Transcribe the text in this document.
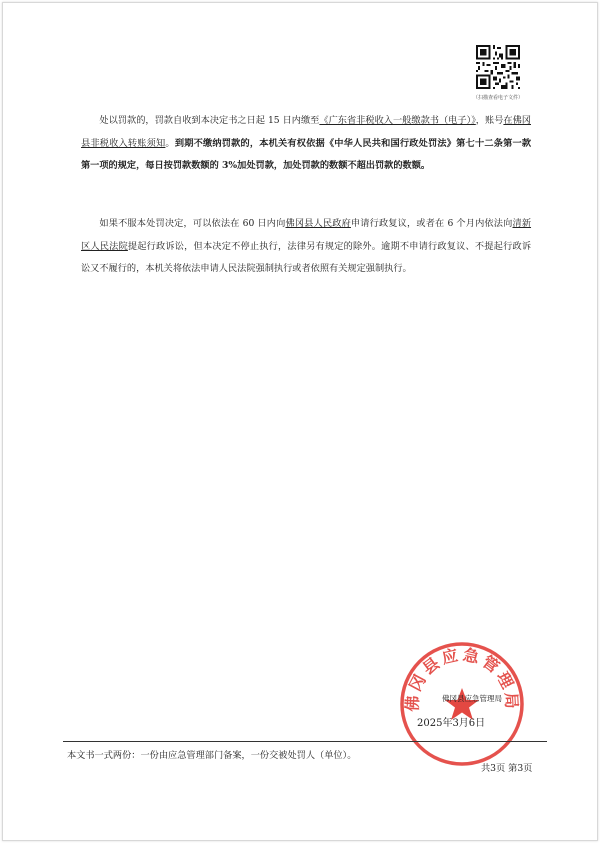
（扫描查看电子文件）

处以罚款的，罚款自收到本决定书之日起 15 日内缴至《广东省非税收入一般缴款书（电子）》，账号在佛冈县非税收入转账须知。到期不缴纳罚款的，本机关有权依据《中华人民共和国行政处罚法》第七十二条第一款第一项的规定，每日按罚款数额的 3%加处罚款，加处罚款的数额不超出罚款的数额。

如果不服本处罚决定，可以依法在 60 日内向佛冈县人民政府申请行政复议，或者在 6 个月内依法向清新区人民法院提起行政诉讼，但本决定不停止执行，法律另有规定的除外。逾期不申请行政复议、不提起行政诉讼又不履行的，本机关将依法申请人民法院强制执行或者依照有关规定强制执行。

佛冈县应急管理局
佛冈县应急管理局
2025年3月6日
本文书一式两份：一份由应急管理部门备案，一份交被处罚人（单位）。
共3页 第3页
